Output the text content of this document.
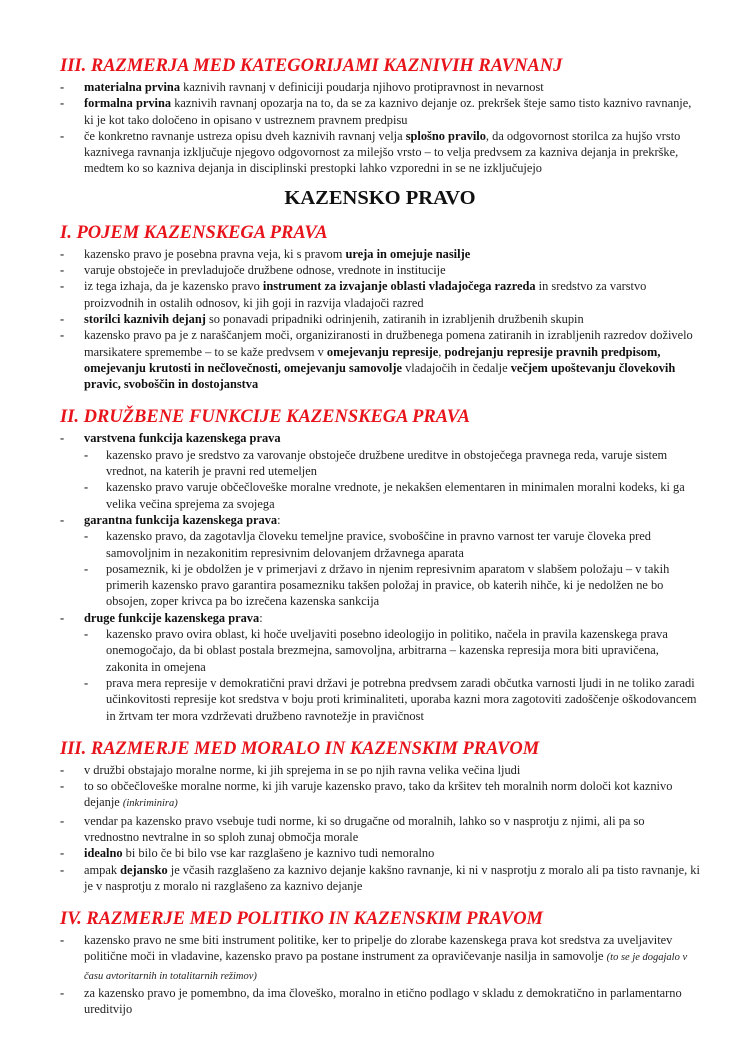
III. RAZMERJA MED KATEGORIJAMI KAZNIVIH RAVNANJ
- materialna prvina kaznivih ravnanj v definiciji poudarja njihovo protipravnost in nevarnost
- formalna prvina kaznivih ravnanj opozarja na to, da se za kaznivo dejanje oz. prekršek šteje samo tisto kaznivo ravnanje, ki je kot tako določeno in opisano v ustreznem pravnem predpisu
- če konkretno ravnanje ustreza opisu dveh kaznivih ravnanj velja splošno pravilo, da odgovornost storilca za hujšo vrsto kaznivega ravnanja izključuje njegovo odgovornost za milejšo vrsto – to velja predvsem za kazniva dejanja in prekrške, medtem ko so kazniva dejanja in disciplinski prestopki lahko vzporedni in se ne izključujejo
KAZENSKO PRAVO
I. POJEM KAZENSKEGA PRAVA
- kazensko pravo je posebna pravna veja, ki s pravom ureja in omejuje nasilje
- varuje obstoječe in prevladujoče družbene odnose, vrednote in institucije
- iz tega izhaja, da je kazensko pravo instrument za izvajanje oblasti vladajočega razreda in sredstvo za varstvo proizvodnih in ostalih odnosov, ki jih goji in razvija vladajoči razred
- storilci kaznivih dejanj so ponavadi pripadniki odrinjenih, zatiranih in izrabljenih družbenih skupin
- kazensko pravo pa je z naraščanjem moči, organiziranosti in družbenega pomena zatiranih in izrabljenih razredov doživelo marsikatere spremembe – to se kaže predvsem v omejevanju represije, podrejanju represije pravnih predpisom, omejevanju krutosti in nečlovečnosti, omejevanju samovolje vladajočih in čedalje večjem upoštevanju človekovih pravic, svoboščin in dostojanstva
II. DRUŽBENE FUNKCIJE KAZENSKEGA PRAVA
- varstvena funkcija kazenskega prava
- kazensko pravo je sredstvo za varovanje obstoječe družbene ureditve in obstoječega pravnega reda, varuje sistem vrednot, na katerih je pravni red utemeljen
- kazensko pravo varuje občečloveške moralne vrednote, je nekakšen elementaren in minimalen moralni kodeks, ki ga velika večina sprejema za svojega
- garantna funkcija kazenskega prava:
- kazensko pravo, da zagotavlja človeku temeljne pravice, svoboščine in pravno varnost ter varuje človeka pred samovoljnim in nezakonitim represivnim delovanjem državnega aparata
- posameznik, ki je obdolžen je v primerjavi z državo in njenim represivnim aparatom v slabšem položaju – v takih primerih kazensko pravo garantira posamezniku takšen položaj in pravice, ob katerih nihče, ki je nedolžen ne bo obsojen, zoper krivca pa bo izrečena kazenska sankcija
- druge funkcije kazenskega prava:
- kazensko pravo ovira oblast, ki hoče uveljaviti posebno ideologijo in politiko, načela in pravila kazenskega prava onemogočajo, da bi oblast postala brezmejna, samovoljna, arbitrarna – kazenska represija mora biti upravičena, zakonita in omejena
- prava mera represije v demokratični pravi državi je potrebna predvsem zaradi občutka varnosti ljudi in ne toliko zaradi učinkovitosti represije kot sredstva v boju proti kriminaliteti, uporaba kazni mora zagotoviti zadoščenje oškodovancem in žrtvam ter mora vzdrževati družbeno ravnotežje in pravičnost
III. RAZMERJE MED MORALO IN KAZENSKIM PRAVOM
- v družbi obstajajo moralne norme, ki jih sprejema in se po njih ravna velika večina ljudi
- to so občečloveške moralne norme, ki jih varuje kazensko pravo, tako da kršitev teh moralnih norm določi kot kaznivo dejanje (inkriminira)
- vendar pa kazensko pravo vsebuje tudi norme, ki so drugačne od moralnih, lahko so v nasprotju z njimi, ali pa so vrednostno nevtralne in so sploh zunaj območja morale
- idealno bi bilo če bi bilo vse kar razglašeno je kaznivo tudi nemoralno
- ampak dejansko je včasih razglašeno za kaznivo dejanje kakšno ravnanje, ki ni v nasprotju z moralo ali pa tisto ravnanje, ki je v nasprotju z moralo ni razglašeno za kaznivo dejanje
IV. RAZMERJE MED POLITIKO IN KAZENSKIM PRAVOM
- kazensko pravo ne sme biti instrument politike, ker to pripelje do zlorabe kazenskega prava kot sredstva za uveljavitev politične moči in vladavine, kazensko pravo pa postane instrument za opravičevanje nasilja in samovolje (to se je dogajalo v času avtoritarnih in totalitarnih režimov)
- za kazensko pravo je pomembno, da ima človeško, moralno in etično podlago v skladu z demokratično in parlamentarno ureditvijo
